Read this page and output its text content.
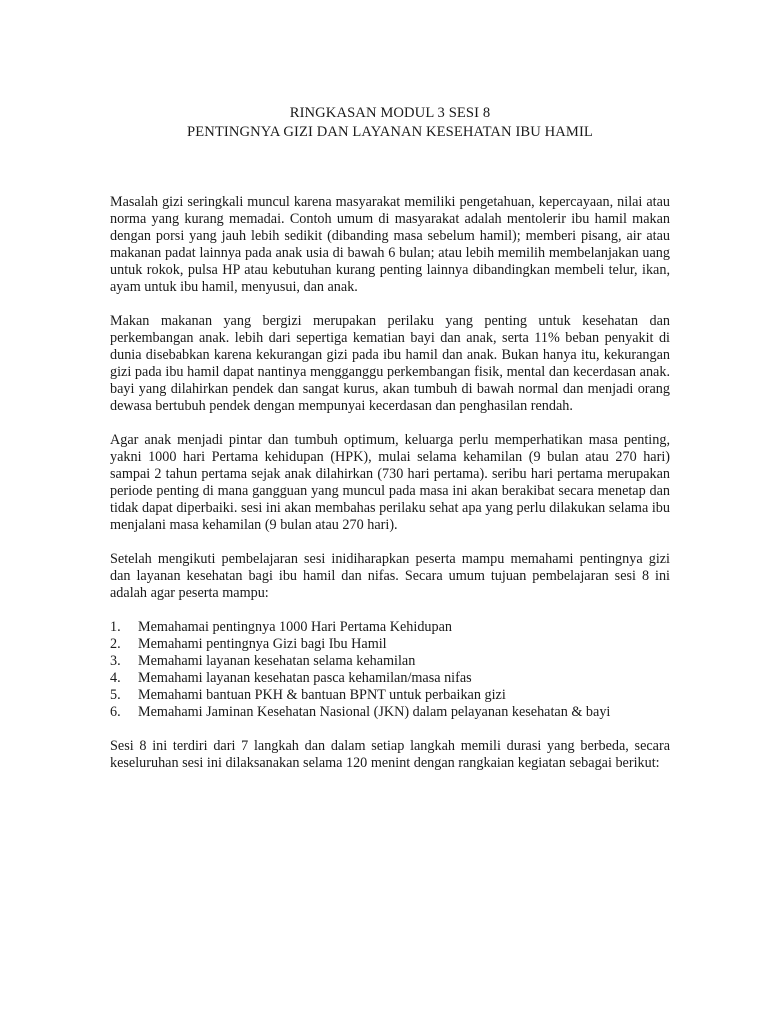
RINGKASAN MODUL 3 SESI 8
PENTINGNYA GIZI DAN LAYANAN KESEHATAN IBU HAMIL

Masalah gizi seringkali muncul karena masyarakat memiliki pengetahuan, kepercayaan, nilai atau norma yang kurang memadai. Contoh umum di masyarakat adalah mentolerir ibu hamil makan dengan porsi yang jauh lebih sedikit (dibanding masa sebelum hamil); memberi pisang, air atau makanan padat lainnya pada anak usia di bawah 6 bulan; atau lebih memilih membelanjakan uang untuk rokok, pulsa HP atau kebutuhan kurang penting lainnya dibandingkan membeli telur, ikan, ayam untuk ibu hamil, menyusui, dan anak.

Makan makanan yang bergizi merupakan perilaku yang penting untuk kesehatan dan perkembangan anak. lebih dari sepertiga kematian bayi dan anak, serta 11% beban penyakit di dunia disebabkan karena kekurangan gizi pada ibu hamil dan anak. Bukan hanya itu, kekurangan gizi pada ibu hamil dapat nantinya mengganggu perkembangan fisik, mental dan kecerdasan anak. bayi yang dilahirkan pendek dan sangat kurus, akan tumbuh di bawah normal dan menjadi orang dewasa bertubuh pendek dengan mempunyai kecerdasan dan penghasilan rendah.

Agar anak menjadi pintar dan tumbuh optimum, keluarga perlu memperhatikan masa penting, yakni 1000 hari Pertama kehidupan (HPK), mulai selama kehamilan (9 bulan atau 270 hari) sampai 2 tahun pertama sejak anak dilahirkan (730 hari pertama). seribu hari pertama merupakan periode penting di mana gangguan yang muncul pada masa ini akan berakibat secara menetap dan tidak dapat diperbaiki. sesi ini akan membahas perilaku sehat apa yang perlu dilakukan selama ibu menjalani masa kehamilan (9 bulan atau 270 hari).

Setelah mengikuti pembelajaran sesi inidiharapkan peserta mampu memahami pentingnya gizi dan layanan kesehatan bagi ibu hamil dan nifas. Secara umum tujuan pembelajaran sesi 8 ini adalah agar peserta mampu:

1.	Memahamai pentingnya 1000 Hari Pertama Kehidupan
2.	Memahami pentingnya Gizi bagi Ibu Hamil
3.	Memahami layanan kesehatan selama kehamilan
4.	Memahami layanan kesehatan pasca kehamilan/masa nifas
5.	Memahami bantuan PKH & bantuan BPNT untuk perbaikan gizi
6.	Memahami Jaminan Kesehatan Nasional (JKN) dalam pelayanan kesehatan & bayi

Sesi 8 ini terdiri dari 7 langkah dan dalam setiap langkah memili durasi yang berbeda, secara keseluruhan sesi ini dilaksanakan selama 120 menint dengan rangkaian kegiatan sebagai berikut:
